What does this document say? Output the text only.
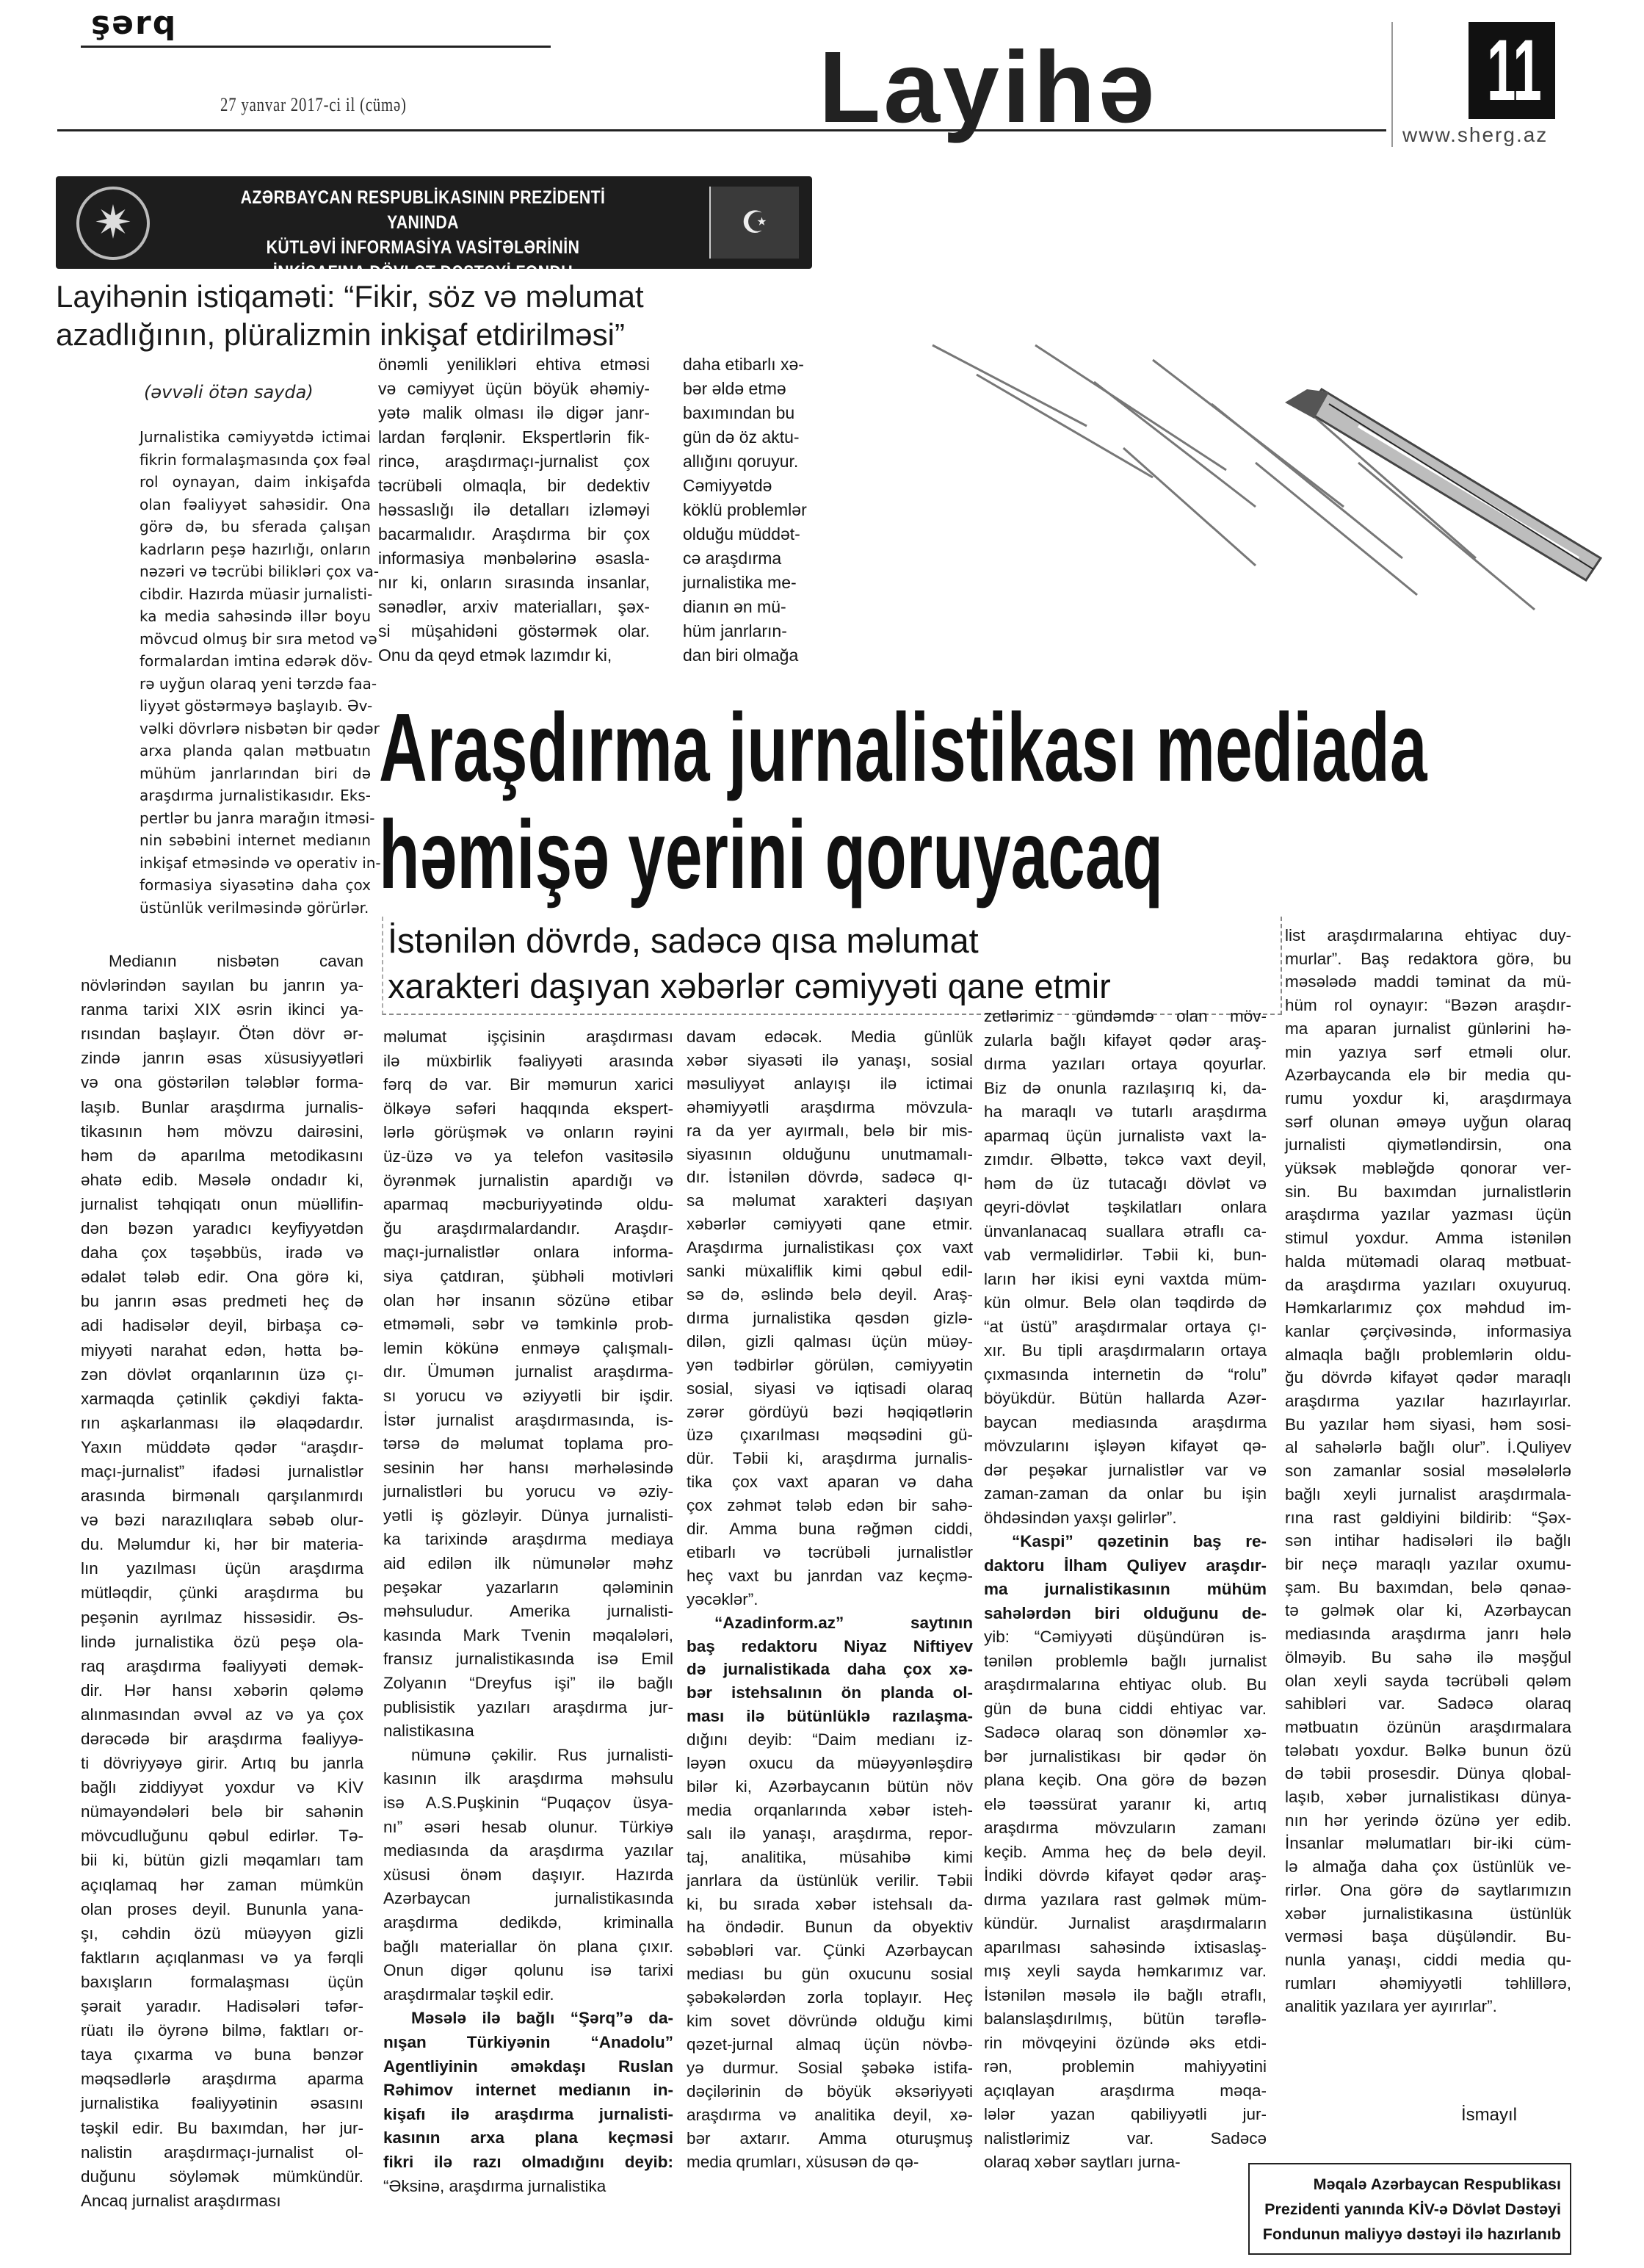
şərq
27 yanvar 2017-ci il (cümə)	Layihə	11
www.sherg.az
✷	AZƏRBAYCAN RESPUBLİKASININ PREZİDENTİ YANINDA
KÜTLƏVİ İNFORMASİYA VASİTƏLƏRİNİN
İNKİŞAFINA DÖVLƏT DƏSTƏYİ FONDU
☪
Layihənin istiqaməti: “Fikir, söz və məlumat
azadlığının, plüralizmin inkişaf etdirilməsi”
(əvvəli ötən sayda)
Jurnalistika cəmiyyətdə ictimai
fikrin formalaşmasında çox fəal
rol oynayan, daim inkişafda
olan fəaliyyət sahəsidir. Ona
görə də, bu sferada çalışan
kadrların peşə hazırlığı, onların
nəzəri və təcrübi bilikləri çox va-
cibdir. Hazırda müasir jurnalisti-
ka media sahəsində illər boyu
mövcud olmuş bir sıra metod və
formalardan imtina edərək döv-
rə uyğun olaraq yeni tərzdə faa-
liyyət göstərməyə başlayıb. Əv-
vəlki dövrlərə nisbətən bir qədər
arxa planda qalan mətbuatın
mühüm janrlarından biri də
araşdırma jurnalistikasıdır. Eks-
pertlər bu janra marağın itməsi-
nin səbəbini internet medianın
inkişaf etməsində və operativ in-
formasiya siyasətinə daha çox
üstünlük verilməsində görürlər.
önəmli yeniliklәri ehtiva etməsi
və cəmiyyət üçün böyük əhəmiy-
yətə malik olması ilə digər janr-
lardan fərqlənir. Ekspertlərin fik-
rincə, araşdırmaçı-jurnalist çox
təcrübəli olmaqla, bir dedektiv
həssaslığı ilə detalları izləməyi
bacarmalıdır. Araşdırma bir çox
informasiya mənbələrinə əsasla-
nır ki, onların sırasında insanlar,
sənədlər, arxiv materialları, şəx-
si müşahidəni göstərmək olar.
Onu da qeyd etmək lazımdır ki,
daha etibarlı xə-
bər əldə etmə
baxımından bu
gün də öz aktu-
allığını qoruyur.
Cəmiyyətdə
köklü problemlər
olduğu müddət-
cə araşdırma
jurnalistika me-
dianın ən mü-
hüm janrların-
dan biri olmağa
Araşdırma jurnalistikası mediada
həmişə yerini qoruyacaq
İstənilən dövrdə, sadəcə qısa məlumat
xarakteri daşıyan xəbərlər cəmiyyəti qane etmir
Medianın nisbətən cavan
növlərindən sayılan bu janrın ya-
ranma tarixi XIX əsrin ikinci ya-
rısından başlayır. Ötən dövr ər-
zində janrın əsas xüsusiyyətləri
və ona göstərilən tələblər forma-
laşıb. Bunlar araşdırma jurnalis-
tikasının həm mövzu dairəsini,
həm də aparılma metodikasını
əhatə edib. Məsələ ondadır ki,
jurnalist təhqiqatı onun müəllifin-
dən bəzən yaradıcı keyfiyyətdən
daha çox təşəbbüs, iradə və
ədalət tələb edir. Ona görə ki,
bu janrın əsas predmeti heç də
adi hadisələr deyil, birbaşa cə-
miyyəti narahat edən, hətta bə-
zən dövlət orqanlarının üzə çı-
xarmaqda çətinlik çəkdiyi fakta-
rın aşkarlanması ilə əlaqədardır.
Yaxın müddətə qədər “araşdır-
maçı-jurnalist” ifadəsi jurnalistlər
arasında birmənalı qarşılanmırdı
və bəzi narazılıqlara səbəb olur-
du. Məlumdur ki, hər bir materia-
lın yazılması üçün araşdırma
mütləqdir, çünki araşdırma bu
peşənin ayrılmaz hissəsidir. Əs-
lində jurnalistika özü peşə ola-
raq araşdırma fəaliyyəti demək-
dir. Hər hansı xəbərin qələmə
alınmasından əvvəl az və ya çox
dərəcədə bir araşdırma fəaliyyə-
ti dövriyyəyə girir. Artıq bu janrla
bağlı ziddiyyət yoxdur və KİV
nümayəndələri belə bir sahənin
mövcudluğunu qəbul edirlər. Tə-
bii ki, bütün gizli məqamları tam
açıqlamaq hər zaman mümkün
olan proses deyil. Bununla yana-
şı, cəhdin özü müəyyən gizli
faktların açıqlanması və ya fərqli
baxışların formalaşması üçün
şərait yaradır. Hadisələri təfər-
rüatı ilə öyrənə bilmə, faktları or-
taya çıxarma və buna bənzər
məqsədlərlə araşdırma aparma
jurnalistika fəaliyyətinin əsasını
təşkil edir. Bu baxımdan, hər jur-
nalistin araşdırmaçı-jurnalist ol-
duğunu söyləmək mümkündür.
Ancaq jurnalist araşdırması
məlumat işçisinin araşdırması
ilə müxbirlik fəaliyyəti arasında
fərq də var. Bir məmurun xarici
ölkəyə səfəri haqqında ekspert-
lərlə görüşmək və onların rəyini
üz-üzə və ya telefon vasitəsilə
öyrənmək jurnalistin apardığı və
aparmaq məcburiyyətində oldu-
ğu araşdırmalardandır. Araşdır-
maçı-jurnalistlər onlara informa-
siya çatdıran, şübhəli motivləri
olan hər insanın sözünə etibar
etməməli, səbr və təmkinlə prob-
lemin kökünə enməyə çalışmalı-
dır. Ümumən jurnalist araşdırma-
sı yorucu və əziyyətli bir işdir.
İstər jurnalist araşdırmasında, is-
tərsə də məlumat toplama pro-
sesinin hər hansı mərhələsində
jurnalistləri bu yorucu və əziy-
yətli iş gözləyir. Dünya jurnalisti-
ka tarixində araşdırma mediaya
aid edilən ilk nümunələr məhz
peşəkar yazarların qələminin
məhsuludur. Amerika jurnalisti-
kasında Mark Tvenin məqalələri,
fransız jurnalistikasında isə Emil
Zolyanın “Dreyfus işi” ilə bağlı
publisistik yazıları araşdırma jur-
nalistikasına
nümunə çəkilir. Rus jurnalisti-
kasının ilk araşdırma məhsulu
isə A.S.Puşkinin “Puqaçov üsya-
nı” əsəri hesab olunur. Türkiyə
mediasında da araşdırma yazılar
xüsusi önəm daşıyır. Hazırda
Azərbaycan jurnalistikasında
araşdırma dedikdə, kriminalla
bağlı materiallar ön plana çıxır.
Onun digər qolunu isə tarixi
araşdırmalar təşkil edir.
Məsələ ilə bağlı “Şərq”ə da-
nışan Türkiyənin “Anadolu”
Agentliyinin əməkdaşı Ruslan
Rəhimov internet medianın in-
kişafı ilə araşdırma jurnalisti-
kasının arxa plana keçməsi
fikri ilə razı olmadığını deyib:
“Əksinə, araşdırma jurnalistika
davam edəcək. Media günlük
xəbər siyasəti ilə yanaşı, sosial
məsuliyyət anlayışı ilə ictimai
əhəmiyyətli araşdırma mövzula-
ra da yer ayırmalı, belə bir mis-
siyasının olduğunu unutmamalı-
dır. İstənilən dövrdə, sadəcə qı-
sa məlumat xarakteri daşıyan
xəbərlər cəmiyyəti qane etmir.
Araşdırma jurnalistikası çox vaxt
sanki müxaliflik kimi qəbul edil-
sə də, əslində belə deyil. Araş-
dırma jurnalistika qəsdən gizlə-
dilən, gizli qalması üçün müəy-
yən tədbirlər görülən, cəmiyyətin
sosial, siyasi və iqtisadi olaraq
zərər gördüyü bəzi həqiqətlərin
üzə çıxarılması məqsədini gü-
dür. Təbii ki, araşdırma jurnalis-
tika çox vaxt aparan və daha
çox zəhmət tələb edən bir sahə-
dir. Amma buna rəğmən ciddi,
etibarlı və təcrübəli jurnalistlər
heç vaxt bu janrdan vaz keçmə-
yəcəklər”.
“Azadinform.az” saytının
baş redaktoru Niyaz Niftiyev
də jurnalistikada daha çox xə-
bər istehsalının ön planda ol-
ması ilə bütünlüklə razılaşma-
dığını deyib: “Daim medianı iz-
ləyən oxucu da müəyyənləşdirə
bilər ki, Azərbaycanın bütün növ
media orqanlarında xəbər isteh-
salı ilə yanaşı, araşdırma, repor-
taj, analitika, müsahibə kimi
janrlara da üstünlük verilir. Təbii
ki, bu sırada xəbər istehsalı da-
ha öndədir. Bunun da obyektiv
səbəbləri var. Çünki Azərbaycan
mediası bu gün oxucunu sosial
şəbəkələrdən zorla toplayır. Heç
kim sovet dövründə olduğu kimi
qəzet-jurnal almaq üçün növbə-
yə durmur. Sosial şəbəkə istifa-
dəçilərinin də böyük əksəriyyəti
araşdırma və analitika deyil, xə-
bər axtarır. Amma oturuşmuş
media qrumları, xüsusən də qə-
zetlərimiz gündəmdə olan möv-
zularla bağlı kifayət qədər araş-
dırma yazıları ortaya qoyurlar.
Biz də onunla razılaşırıq ki, da-
ha maraqlı və tutarlı araşdırma
aparmaq üçün jurnalistə vaxt la-
zımdır. Əlbəttə, təkcə vaxt deyil,
həm də üz tutacağı dövlət və
qeyri-dövlət təşkilatları onlara
ünvanlanacaq suallara ətraflı ca-
vab verməlidirlər. Təbii ki, bun-
ların hər ikisi eyni vaxtda müm-
kün olmur. Belə olan təqdirdə də
“at üstü” araşdırmalar ortaya çı-
xır. Bu tipli araşdırmaların ortaya
çıxmasında internetin də “rolu”
böyükdür. Bütün hallarda Azər-
baycan mediasında araşdırma
mövzularını işləyən kifayət qə-
dər peşəkar jurnalistlər var və
zaman-zaman da onlar bu işin
öhdəsindən yaxşı gəlirlər”.
“Kaspi” qəzetinin baş re-
daktoru İlham Quliyev araşdır-
ma jurnalistikasının mühüm
sahələrdən biri olduğunu de-
yib: “Cəmiyyəti düşündürən is-
tənilən problemlə bağlı jurnalist
araşdırmalarına ehtiyac olub. Bu
gün də buna ciddi ehtiyac var.
Sadəcə olaraq son dönəmlər xə-
bər jurnalistikası bir qədər ön
plana keçib. Ona görə də bəzən
elə təəssürat yaranır ki, artıq
araşdırma mövzuların zamanı
keçib. Amma heç də belə deyil.
İndiki dövrdə kifayət qədər araş-
dırma yazılara rast gəlmək müm-
kündür. Jurnalist araşdırmaların
aparılması sahəsində ixtisaslaş-
mış xeyli sayda həmkarımız var.
İstənilən məsələ ilə bağlı ətraflı,
balanslaşdırılmış, bütün tərəflə-
rin mövqeyini özündə əks etdi-
rən, problemin mahiyyətini
açıqlayan araşdırma məqa-
lələr yazan qabiliyyətli jur-
nalistlərimiz var. Sadəcə
olaraq xəbər saytları jurna-
list araşdırmalarına ehtiyac duy-
murlar”. Baş redaktora görə, bu
məsələdə maddi təminat da mü-
hüm rol oynayır: “Bəzən araşdır-
ma aparan jurnalist günlərini hə-
min yazıya sərf etməli olur.
Azərbaycanda elə bir media qu-
rumu yoxdur ki, araşdırmaya
sərf olunan əməyə uyğun olaraq
jurnalisti qiymətləndirsin, ona
yüksək məbləğdə qonorar ver-
sin. Bu baxımdan jurnalistlərin
araşdırma yazılar yazması üçün
stimul yoxdur. Amma istənilən
halda mütəmadi olaraq mətbuat-
da araşdırma yazıları oxuyuruq.
Həmkarlarımız çox məhdud im-
kanlar çərçivəsində, informasiya
almaqla bağlı problemlərin oldu-
ğu dövrdə kifayət qədər maraqlı
araşdırma yazılar hazırlayırlar.
Bu yazılar həm siyasi, həm sosi-
al sahələrlə bağlı olur”. İ.Quliyev
son zamanlar sosial məsələlərlə
bağlı xeyli jurnalist araşdırmala-
rına rast gəldiyini bildirib: “Şəx-
sən intihar hadisələri ilə bağlı
bir neçə maraqlı yazılar oxumu-
şam. Bu baxımdan, belə qənaə-
tə gəlmək olar ki, Azərbaycan
mediasında araşdırma janrı hələ
ölməyib. Bu sahə ilə məşğul
olan xeyli sayda təcrübəli qələm
sahibləri var. Sadəcə olaraq
mətbuatın özünün araşdırmalara
tələbatı yoxdur. Bəlkə bunun özü
də təbii prosesdir. Dünya qlobal-
laşıb, xəbər jurnalistikası dünya-
nın hər yerində özünə yer edib.
İnsanlar məlumatları bir-iki cüm-
lə almağa daha çox üstünlük ve-
rirlər. Ona görə də saytlarımızın
xəbər jurnalistikasına üstünlük
verməsi başa düşüləndir. Bu-
nunla yanaşı, ciddi media qu-
rumları əhəmiyyətli təhlillərə,
analitik yazılara yer ayırırlar”.
İsmayıl
Məqalə Azərbaycan Respublikası
Prezidenti yanında KİV-ə Dövlət Dəstəyi
Fondunun maliyyə dəstəyi ilə hazırlanıb
